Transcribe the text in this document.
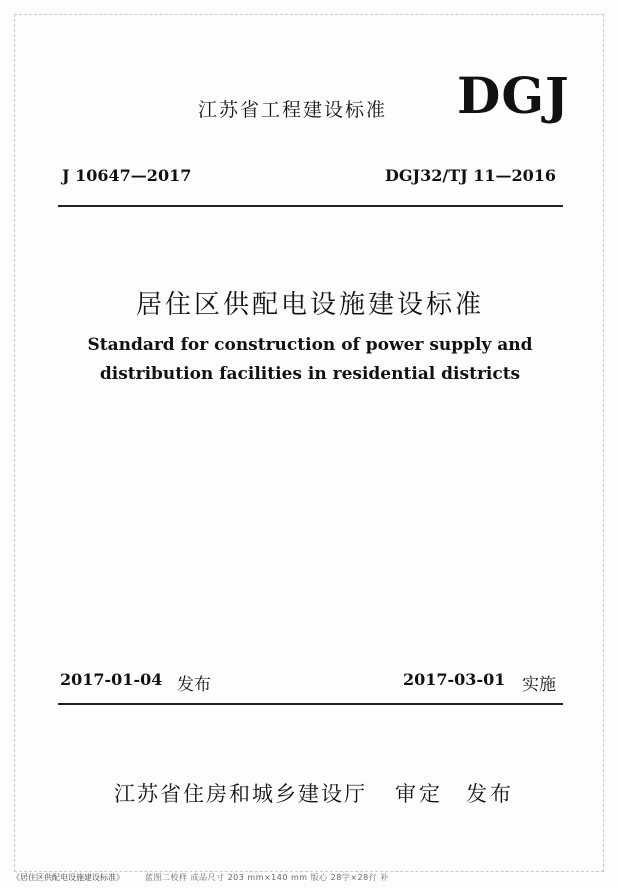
江苏省工程建设标准 DGJ
J 10647—2017	DGJ32/TJ 11—2016
居住区供配电设施建设标准
Standard for construction of power supply and
distribution facilities in residential districts
2017-01-04 发布	2017-03-01 实施
江苏省住房和城乡建设厅 审定 发布
《居住区供配电设施建设标准》	蓝图二校样 成品尺寸 203 mm×140 mm 版心 28字×28行 补
